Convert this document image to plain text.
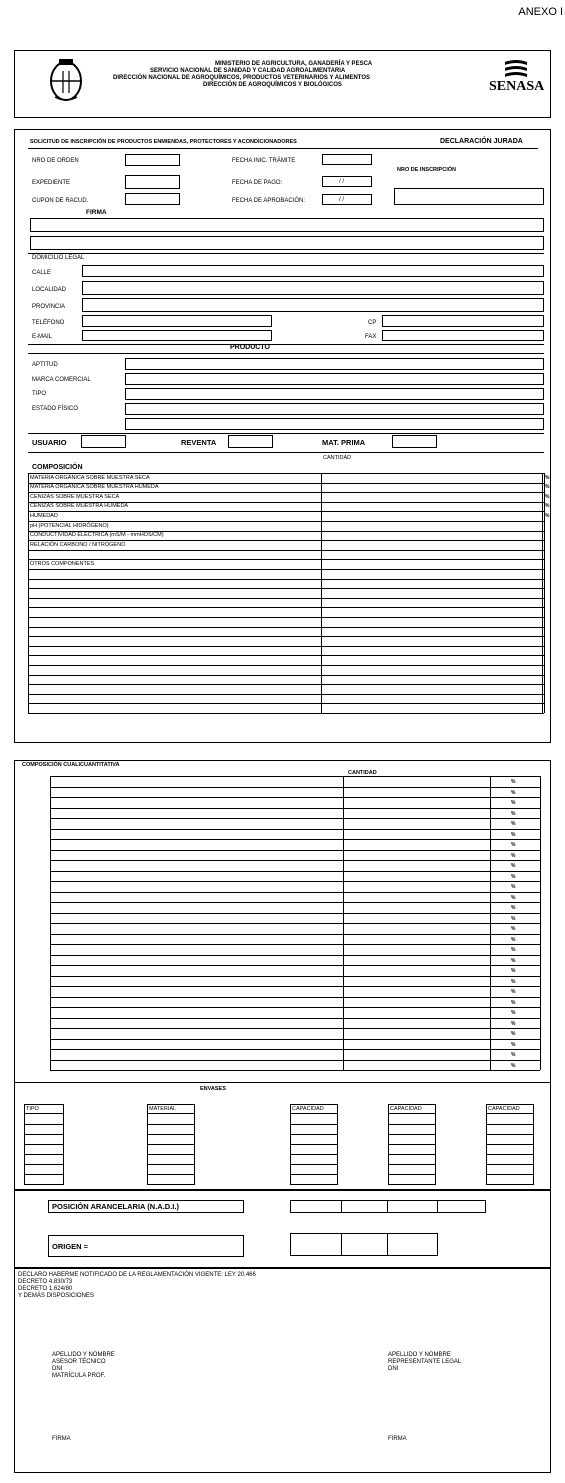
ANEXO I
MINISTERIO DE AGRICULTURA, GANADERÍA Y PESCA
SERVICIO NACIONAL DE SANIDAD Y CALIDAD AGROALIMENTARIA
DIRECCIÓN NACIONAL DE AGROQUÍMICOS, PRODUCTOS VETERINARIOS Y ALIMENTOS
DIRECCIÓN DE AGROQUÍMICOS Y BIOLÓGICOS	SENASA
SOLICITUD DE INSCRIPCIÓN DE PRODUCTOS ENMIENDAS, PROTECTORES Y ACONDICIONADORES	DECLARACIÓN JURADA
NRO DE ORDEN	FECHA INIC. TRÁMITE
NRO DE INSCRIPCIÓN
EXPEDIENTE	FECHA DE PAGO:	/ /
CUPON DE RACUD.	FECHA DE APROBACIÓN:	/ /
FIRMA
DOMICILIO LEGAL
CALLE
LOCALIDAD
PROVINCIA
TELÉFONO	CP
E-MAIL	FAX
PRODUCTO
APTITUD
MARCA COMERCIAL
TIPO
ESTADO FÍSICO
USUARIO	REVENTA	MAT. PRIMA
CANTIDAD
COMPOSICIÓN
MATERIA ORGÁNICA SOBRE MUESTRA SECA	%
MATERIA ORGÁNICA SOBRE MUESTRA HÚMEDA	%
CENIZAS SOBRE MUESTRA SECA	%
CENIZAS SOBRE MUESTRA HÚMEDA	%
HUMEDAD	%
pH (POTENCIAL HIDRÓGENO)
CONDUCTIVIDAD ELÉCTRICA (mS/M - mmHOS/CM)
RELACIÓN CARBONO / NITRÓGENO
OTROS COMPONENTES
COMPOSICIÓN CUALICUANTITATIVA
CANTIDAD
%
%
%
%
%
%
%
%
%
%
%
%
%
%
%
%
%
%
%
%
%
%
%
%
%
%
%
%
ENVASES
TIPO	MATERIAL	CAPACIDAD	CAPACIDAD	CAPACIDAD
POSICIÓN ARANCELARIA (N.A.D.I.)
ORIGEN =
DECLARO HABERME NOTIFICADO DE LA REGLAMENTACIÓN VIGENTE: LEY 20.466
DECRETO 4.830/73
DECRETO 1.624/80
Y DEMÁS DISPOSICIONES
APELLIDO Y NOMBRE
ASESOR TÉCNICO
DNI
MATRÍCULA PROF.
APELLIDO Y NOMBRE
REPRESENTANTE LEGAL
DNI
FIRMA	FIRMA
